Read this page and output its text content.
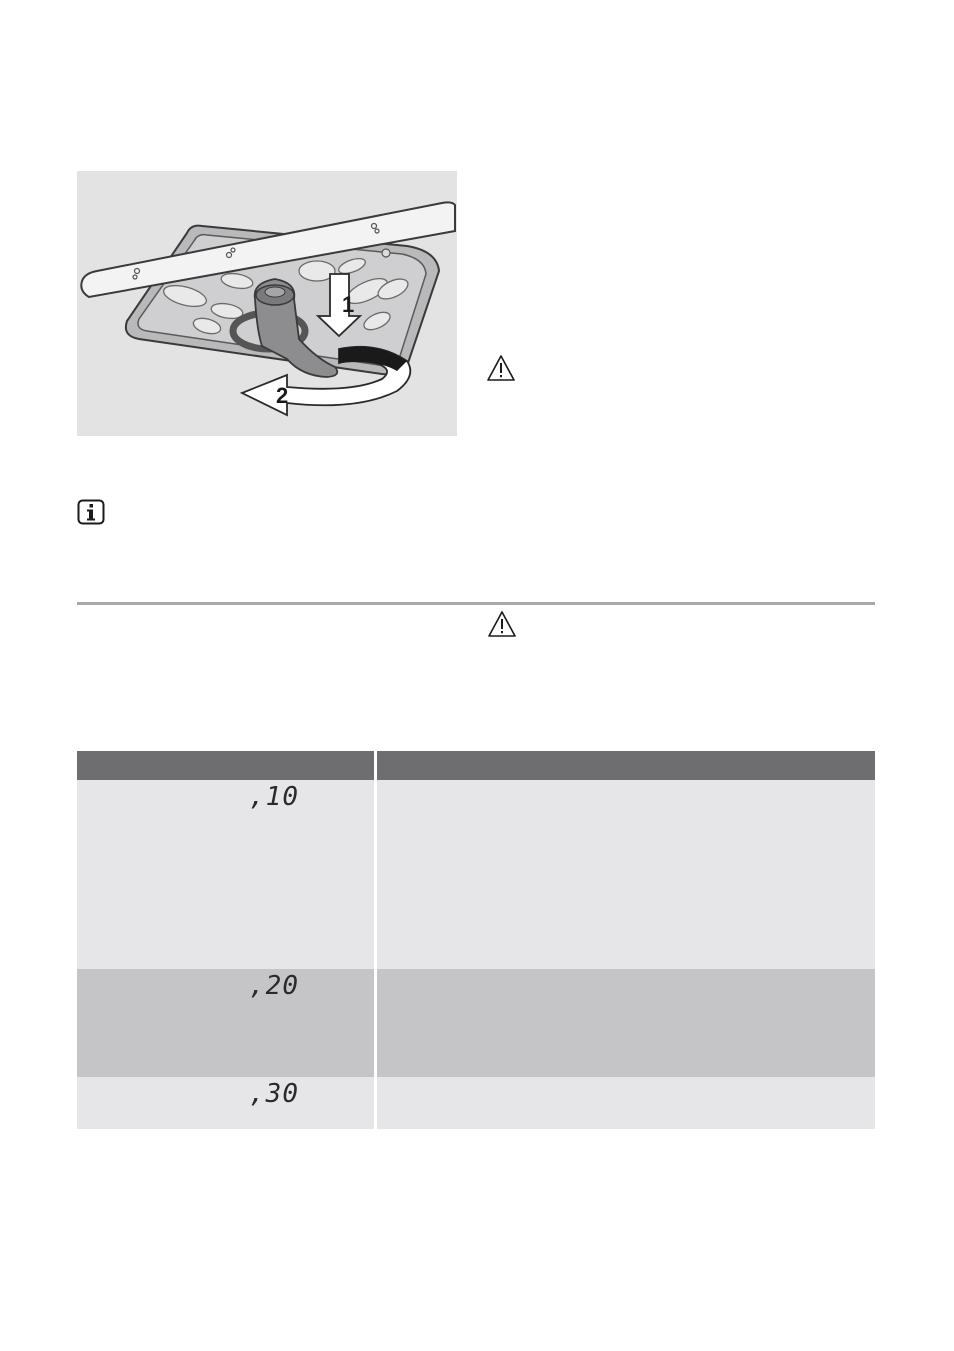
1
2
,10
,20
,30
